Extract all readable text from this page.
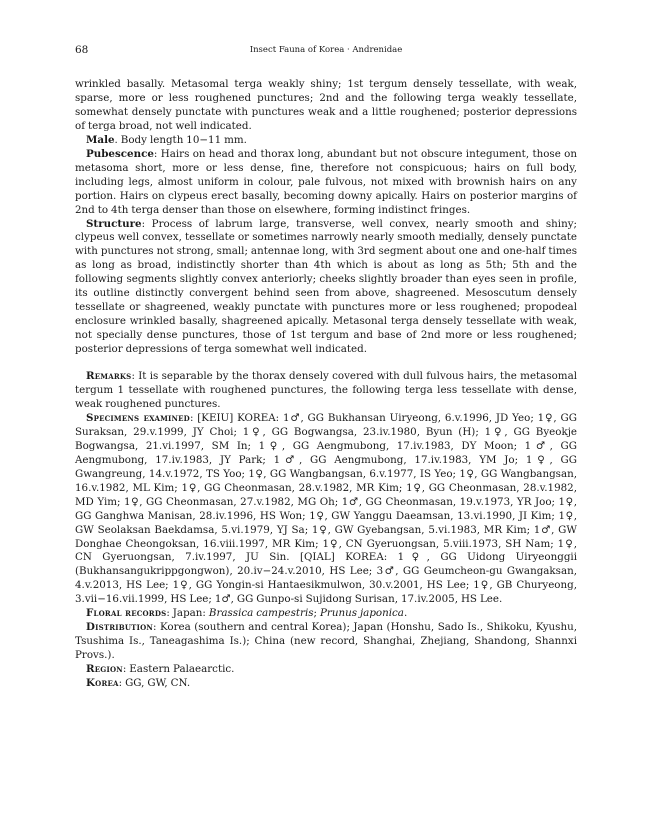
68	Insect Fauna of Korea · Andrenidae

wrinkled basally. Metasomal terga weakly shiny; 1st tergum densely tessellate, with weak, sparse, more or less roughened punctures; 2nd and the following terga weakly tessellate, somewhat densely punctate with punctures weak and a little roughened; posterior depressions of terga broad, not well indicated.

Male. Body length 10−11 mm.

Pubescence: Hairs on head and thorax long, abundant but not obscure integument, those on metasoma short, more or less dense, fine, therefore not conspicuous; hairs on full body, including legs, almost uniform in colour, pale fulvous, not mixed with brownish hairs on any portion. Hairs on clypeus erect basally, becoming downy apically. Hairs on posterior margins of 2nd to 4th terga denser than those on elsewhere, forming indistinct fringes.

Structure: Process of labrum large, transverse, well convex, nearly smooth and shiny; clypeus well convex, tessellate or sometimes narrowly nearly smooth medially, densely punctate with punctures not strong, small; antennae long, with 3rd segment about one and one-half times as long as broad, indistinctly shorter than 4th which is about as long as 5th; 5th and the following segments slightly convex anteriorly; cheeks slightly broader than eyes seen in profile, its outline distinctly convergent behind seen from above, shagreened. Mesoscutum densely tessellate or shagreened, weakly punctate with punctures more or less roughened; propodeal enclosure wrinkled basally, shagreened apically. Metasonal terga densely tessellate with weak, not specially dense punctures, those of 1st tergum and base of 2nd more or less roughened; posterior depressions of terga somewhat well indicated.

Remarks: It is separable by the thorax densely covered with dull fulvous hairs, the metasomal tergum 1 tessellate with roughened punctures, the following terga less tessellate with dense, weak roughened punctures.

Specimens examined: [KEIU] KOREA: 1♂, GG Bukhansan Uiryeong, 6.v.1996, JD Yeo; 1♀, GG Suraksan, 29.v.1999, JY Choi; 1♀, GG Bogwangsa, 23.iv.1980, Byun (H); 1♀, GG Byeokje Bogwangsa, 21.vi.1997, SM In; 1♀, GG Aengmubong, 17.iv.1983, DY Moon; 1♂, GG Aengmubong, 17.iv.1983, JY Park; 1♂, GG Aengmubong, 17.iv.1983, YM Jo; 1♀, GG Gwangreung, 14.v.1972, TS Yoo; 1♀, GG Wangbangsan, 6.v.1977, IS Yeo; 1♀, GG Wangbangsan, 16.v.1982, ML Kim; 1♀, GG Cheonmasan, 28.v.1982, MR Kim; 1♀, GG Cheonmasan, 28.v.1982, MD Yim; 1♀, GG Cheonmasan, 27.v.1982, MG Oh; 1♂, GG Cheonmasan, 19.v.1973, YR Joo; 1♀, GG Ganghwa Manisan, 28.iv.1996, HS Won; 1♀, GW Yanggu Daeamsan, 13.vi.1990, JI Kim; 1♀, GW Seolaksan Baekdamsa, 5.vi.1979, YJ Sa; 1♀, GW Gyebangsan, 5.vi.1983, MR Kim; 1♂, GW Donghae Cheongoksan, 16.viii.1997, MR Kim; 1♀, CN Gyeruongsan, 5.viii.1973, SH Nam; 1♀, CN Gyeruongsan, 7.iv.1997, JU Sin. [QIAL] KOREA: 1♀, GG Uidong Uiryeonggii (Bukhansangukrippgongwon), 20.iv−24.v.2010, HS Lee; 3♂, GG Geumcheon-gu Gwangaksan, 4.v.2013, HS Lee; 1♀, GG Yongin-si Hantaesikmulwon, 30.v.2001, HS Lee; 1♀, GB Churyeong, 3.vii−16.vii.1999, HS Lee; 1♂, GG Gunpo-si Sujidong Surisan, 17.iv.2005, HS Lee.

Floral records: Japan: Brassica campestris; Prunus japonica.

Distribution: Korea (southern and central Korea); Japan (Honshu, Sado Is., Shikoku, Kyushu, Tsushima Is., Taneagashima Is.); China (new record, Shanghai, Zhejiang, Shandong, Shannxi Provs.).

Region: Eastern Palaearctic.

Korea: GG, GW, CN.
